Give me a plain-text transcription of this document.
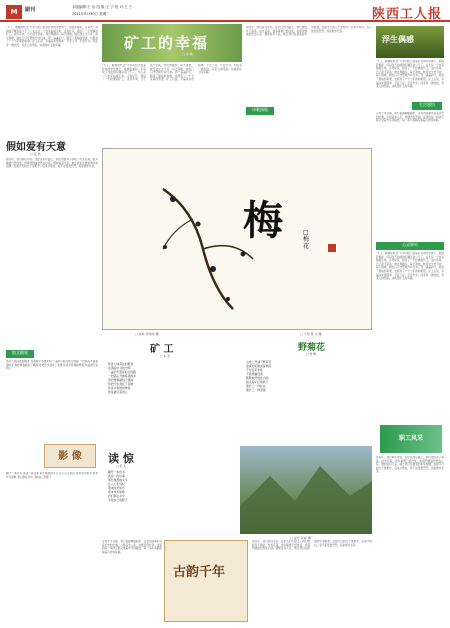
M	副刊	本版编辑:于 冶 组 版:王 宁 校 对:王 宁
2011年8月30日 星期二	陕西工人报
“大了，就要能吃苦”天车司机已经是矿井的中坚骨干，能挑起重担，可每次下井前的叮嘱总是少不了。女人从一个农家姑娘走来，走进矿区，嫁给了一个挖煤的矿工。这些年来，日子虽不宽裕，却过得踏实。每天清晨，她目送丈夫下井；每天傍晚，她在门口守望他升井归来。那一盏盏矿灯，照亮了黑暗的巷道，也照亮了一个个家庭的希望。矿工们说，幸福其实很简单：平安下井，平安升井，回家有一碗热饭，有家人的笑脸。这就是矿工的幸福。
假如爱有天意
□ 张 欣
那些年，我们都还年轻。在矿区的小路上，我们曾经许下承诺。时光荏苒，很多事情已经改变，但那份情谊依然在心底。假如爱有天意，就让我们在最美的年华相遇，在最平凡的日子里相守。后来才明白，爱不是轰轰烈烈，而是细水长流。
散文随笔
你是大地深处的歌者 在黑暗中寻找光明 一盏矿灯照亮前行的路 一把镐头开凿希望的井 你把青春献给了煤海 你把汗水洒在了巷道 你是共和国的脊梁 你是最可爱的人
影 像
翻开一本旧书 读到一段往事 那些熟悉的文字 让人心生惊叹 原来时光如水 原来岁月如歌 我们都在书中 寻找自己的影子
矿工的幸福
□ 孙 敏
“大了，就要能吃苦”天车司机已经是矿井的中坚骨干，能挑起重担，可每次下井前的叮嘱总是少不了。女人从一个农家姑娘走来，走进矿区，嫁给了一个挖煤的矿工。这些年来，日子虽不宽裕，却过得踏实。每天清晨，她目送丈夫下井；每天傍晚，她在门口守望他升井归来。那一盏盏矿灯，照亮了黑暗的巷道，也照亮了一个个家庭的希望。矿工们说，幸福其实很简单：平安下井，平安升井，回家有一碗热饭，有家人的笑脸。这就是矿工的幸福。
浮生偶感
那些年，我们都还年轻。在矿区的小路上，我们曾经许下承诺。时光荏苒，很多事情已经改变，但那份情谊依然在心底。假如爱有天意，就让我们在最美的年华相遇，在最平凡的日子里相守。后来才明白，爱不是轰轰烈烈，而是细水长流。
诗歌园地
生活感悟
“大了，就要能吃苦”天车司机已经是矿井的中坚骨干，能挑起重担，可每次下井前的叮嘱总是少不了。女人从一个农家姑娘走来，走进矿区，嫁给了一个挖煤的矿工。这些年来，日子虽不宽裕，却过得踏实。每天清晨，她目送丈夫下井；每天傍晚，她在门口守望他升井归来。那一盏盏矿灯，照亮了黑暗的巷道，也照亮了一个个家庭的希望。矿工们说，幸福其实很简单：平安下井，平安升井，回家有一碗热饭，有家人的笑脸。这就是矿工的幸福。
走进千年古镇，青石板路蜿蜒曲折，古老的房屋诉说着历史的沧桑。小桥流水人家，炊烟袅袅升起。这里的每一块砖瓦都记录着岁月的痕迹，每一条小巷都流淌着古老的故事。
梅	□ 梅 花
□ 雨林 李建伟 摄	□ 夕阳 陈 光 摄
矿 工
□ 小 石
你是大地深处的歌者
在黑暗中寻找光明
一盏矿灯照亮前行的路
一把镐头开凿希望的井
你把青春献给了煤海
你把汗水洒在了巷道
你是共和国的脊梁
你是最可爱的人
野菊花
□ 刘 明
山坡上开满了野菊花
金黄的花瓣迎着秋风
不与百花争艳
不畏寒霜侵袭
默默地开放在山间
装点着矿区的秋天
像矿工一样朴实
像矿工一样坚强
读 惊
□ 宋 元
翻开一本旧书
读到一段往事
那些熟悉的文字
让人心生惊叹
原来时光如水
原来岁月如歌
我们都在书中
寻找自己的影子
□ 远方 张丽 摄
走进千年古镇，青石板路蜿蜒曲折，古老的房屋诉说着历史的沧桑。小桥流水人家，炊烟袅袅升起。这里的每一块砖瓦都记录着岁月的痕迹，每一条小巷都流淌着古老的故事。
古韵千年
那些年，我们都还年轻。在矿区的小路上，我们曾经许下承诺。时光荏苒，很多事情已经改变，但那份情谊依然在心底。假如爱有天意，就让我们在最美的年华相遇，在最平凡的日子里相守。后来才明白，爱不是轰轰烈烈，而是细水长流。
心灵驿站
“大了，就要能吃苦”天车司机已经是矿井的中坚骨干，能挑起重担，可每次下井前的叮嘱总是少不了。女人从一个农家姑娘走来，走进矿区，嫁给了一个挖煤的矿工。这些年来，日子虽不宽裕，却过得踏实。每天清晨，她目送丈夫下井；每天傍晚，她在门口守望他升井归来。那一盏盏矿灯，照亮了黑暗的巷道，也照亮了一个个家庭的希望。矿工们说，幸福其实很简单：平安下井，平安升井，回家有一碗热饭，有家人的笑脸。这就是矿工的幸福。
职工风采
那些年，我们都还年轻。在矿区的小路上，我们曾经许下承诺。时光荏苒，很多事情已经改变，但那份情谊依然在心底。假如爱有天意，就让我们在最美的年华相遇，在最平凡的日子里相守。后来才明白，爱不是轰轰烈烈，而是细水长流。
